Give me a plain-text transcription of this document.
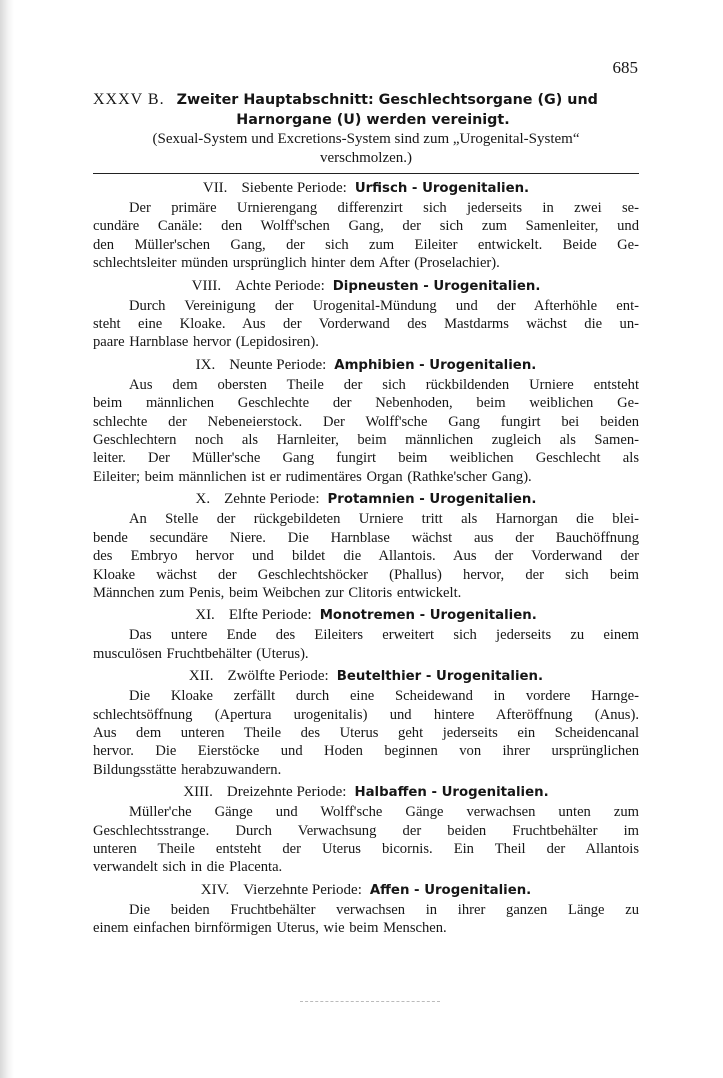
685
XXXV B. Zweiter Hauptabschnitt: Geschlechtsorgane (G) und
Harnorgane (U) werden vereinigt.
(Sexual-System und Excretions-System sind zum „Urogenital-System“
verschmolzen.)
VII. Siebente Periode: Urfisch - Urogenitalien.
Der primäre Urnierengang differenzirt sich jederseits in zwei se-
cundäre Canäle: den Wolff'schen Gang, der sich zum Samenleiter, und
den Müller'schen Gang, der sich zum Eileiter entwickelt. Beide Ge-
schlechtsleiter münden ursprünglich hinter dem After (Proselachier).
VIII. Achte Periode: Dipneusten - Urogenitalien.
Durch Vereinigung der Urogenital-Mündung und der Afterhöhle ent-
steht eine Kloake. Aus der Vorderwand des Mastdarms wächst die un-
paare Harnblase hervor (Lepidosiren).
IX. Neunte Periode: Amphibien - Urogenitalien.
Aus dem obersten Theile der sich rückbildenden Urniere entsteht
beim männlichen Geschlechte der Nebenhoden, beim weiblichen Ge-
schlechte der Nebeneierstock. Der Wolff'sche Gang fungirt bei beiden
Geschlechtern noch als Harnleiter, beim männlichen zugleich als Samen-
leiter. Der Müller'sche Gang fungirt beim weiblichen Geschlecht als
Eileiter; beim männlichen ist er rudimentäres Organ (Rathke'scher Gang).
X. Zehnte Periode: Protamnien - Urogenitalien.
An Stelle der rückgebildeten Urniere tritt als Harnorgan die blei-
bende secundäre Niere. Die Harnblase wächst aus der Bauchöffnung
des Embryo hervor und bildet die Allantois. Aus der Vorderwand der
Kloake wächst der Geschlechtshöcker (Phallus) hervor, der sich beim
Männchen zum Penis, beim Weibchen zur Clitoris entwickelt.
XI. Elfte Periode: Monotremen - Urogenitalien.
Das untere Ende des Eileiters erweitert sich jederseits zu einem
musculösen Fruchtbehälter (Uterus).
XII. Zwölfte Periode: Beutelthier - Urogenitalien.
Die Kloake zerfällt durch eine Scheidewand in vordere Harnge-
schlechtsöffnung (Apertura urogenitalis) und hintere Afteröffnung (Anus).
Aus dem unteren Theile des Uterus geht jederseits ein Scheidencanal
hervor. Die Eierstöcke und Hoden beginnen von ihrer ursprünglichen
Bildungsstätte herabzuwandern.
XIII. Dreizehnte Periode: Halbaffen - Urogenitalien.
Müller'che Gänge und Wolff'sche Gänge verwachsen unten zum
Geschlechtsstrange. Durch Verwachsung der beiden Fruchtbehälter im
unteren Theile entsteht der Uterus bicornis. Ein Theil der Allantois
verwandelt sich in die Placenta.
XIV. Vierzehnte Periode: Affen - Urogenitalien.
Die beiden Fruchtbehälter verwachsen in ihrer ganzen Länge zu
einem einfachen birnförmigen Uterus, wie beim Menschen.
